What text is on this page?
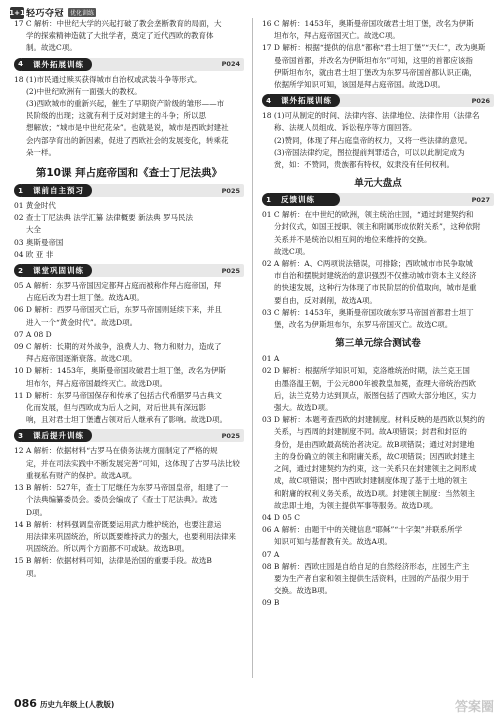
1+1 轻巧夺冠	优化训练

17 C 解析：中世纪大学的兴起打破了教会垄断教育的局面，大

学的探索精神造就了大批学者，奠定了近代西欧的教育体

制。故选C项。

4	课外拓展训练	P024

18 (1)市民通过赎买获得城市自治权或武装斗争等形式。

(2)中世纪欧洲有一面强大的教权。

(3)西欧城市的重新兴起，催生了早期资产阶级的雏形——市

民阶级的出现；这就有利于反对封建主的斗争；所以思

想解放；“城市是中世纪花朵”。也就是说，城市是西欧封建社

会内部孕育出的新因素，促进了西欧社会的发展变化，转乘花

朵一样。

第10课 拜占庭帝国和《查士丁尼法典》
1	课前自主预习	P025

01 黄金时代

02 查士丁尼法典 法学汇纂 法律概要 新法典 罗马民法

大全

03 奥斯曼帝国

04 欧 亚 非

2	课堂巩固训练	P025

05 A 解析：东罗马帝国因定都拜占庭而被称作拜占庭帝国，拜

占庭后改为君士坦丁堡。故选A项。

06 D 解析：西罗马帝国灭亡后，东罗马帝国则延续下来，并且

进入一个“黄金时代”。故选D项。

07 A 08 D

09 C 解析：长期的对外战争，浪费人力、物力和财力，造成了

拜占庭帝国逐渐衰落。故选C项。

10 D 解析：1453年，奥斯曼帝国攻破君士坦丁堡，改名为伊斯

坦布尔，拜占庭帝国最终灭亡。故选D项。

11 D 解析：东罗马帝国保存和传承了包括古代希腊罗马古典文

化而发展，但与西欧成为后人之间，对后世具有深远影

响，且对君士坦丁堡遭占领对后人继承有了影响。故选D项。

3	课后提升训练	P025

12 A 解析：依据材料“古罗马在债务法规方面制定了严格的规

定，并在司法实践中不断发展完善”可知，这体现了古罗马法比较

重视私有财产的保护。故选A项。

13 B 解析：527年，查士丁尼继任为东罗马帝国皇帝，组建了一

个法典编纂委员会。委员会编成了《查士丁尼法典》。故选

D项。

14 B 解析：材料强调皇帝既要运用武力维护统治，也要注意运

用法律来巩固统治，所以既要维持武力的强大，也要利用法律来

巩固统治。所以两个方面都不可或缺。故选B项。

15 B 解析：依据材料可知，法律是治国的重要手段。故选B

项。

16 C 解析：1453年，奥斯曼帝国攻破君士坦丁堡，改名为伊斯

坦布尔，拜占庭帝国灭亡。故选C项。

17 D 解析：根据“提供的信息”都称“君士坦丁堡”“天仁”，改为奥斯

曼帝国首都，并改名为伊斯坦布尔”可知，这里的首都应该指

伊斯坦布尔，就由君士坦丁堡改为东罗马帝国首都认识正确，

依据所学知识可知，该国是拜占庭帝国。故选D项。

4	课外拓展训练	P026

18 (1)可从制定的时间、法律内容、法律地位、法律作用（法律名

称、法规人员组成、诉讼程序等方面回答。

(2)赞同，体现了拜占庭皇帝的权力，又将一些法律的意见。

(3)帝国法律约定，图拉提前判罪适合，可以以此制定成为

赏，如：不赞同，贵族都有特权，奴隶没有任何权利。

单元大盘点
1	反馈训练	P027

01 C 解析：在中世纪的欧洲，领主统治庄园，“通过封建契约和

分封仪式，如国王授职、领主和附属形成依附关系”，这种依附

关系并不是统治以相互间的地位来维持的交换。

故选C项。

02 A 解析：A、C两项说法错误，可排除；西欧城市市民争取城

市自治和摆脱封建统治的意识强烈不仅推动城市资本主义经济

的快速发展，这种行为体现了市民阶层的价值取向，城市是重

要自由，反对剥削，故选A项。

03 C 解析：1453年，奥斯曼帝国攻破东罗马帝国首都君士坦丁

堡，改名为伊斯坦布尔，东罗马帝国灭亡。故选C项。

第三单元综合测试卷

01 A

02 D 解析：根据所学知识可知，克洛维统治时期，法兰克王国

由墨洛温王朝，于公元800年被教皇加冕，查理大帝统治西欧

后，法兰克势力达到顶点，版图包括了西欧大部分地区，实力

强大。故选D项。

03 D 解析：本题考查西欧的封建制度。材料反映的是西欧以契约的

关系，与西周的封建制度不同。故A项错误；封君和封臣的

身份，是由西欧最高统治者决定。故B项错误；通过对封建地

主的身份确立的领主和附庸关系，故C项错误；因西欧封建主

之间，通过封建契约为约束，这一关系只在封建领主之间形成

成，故C项错误；图中西欧封建制度体现了基于土地的领主

和附庸的权利义务关系，故选D项。封建领主制度：当然领主

故忠即土地，为领主提供军事等服务。故选D项。

04 D 05 C

06 A 解析：由题干中的关键信息“耶稣”“十字架”并联系所学

知识可知与基督教有关。故选A项。

07 A

08 B 解析：西欧庄园是自给自足的自然经济形态，庄园生产主

要为生产者自家和领主提供生活资料，庄园的产品很少用于

交换。故选B项。

09 B

086 历史九年级上(人教版)	答案圈
